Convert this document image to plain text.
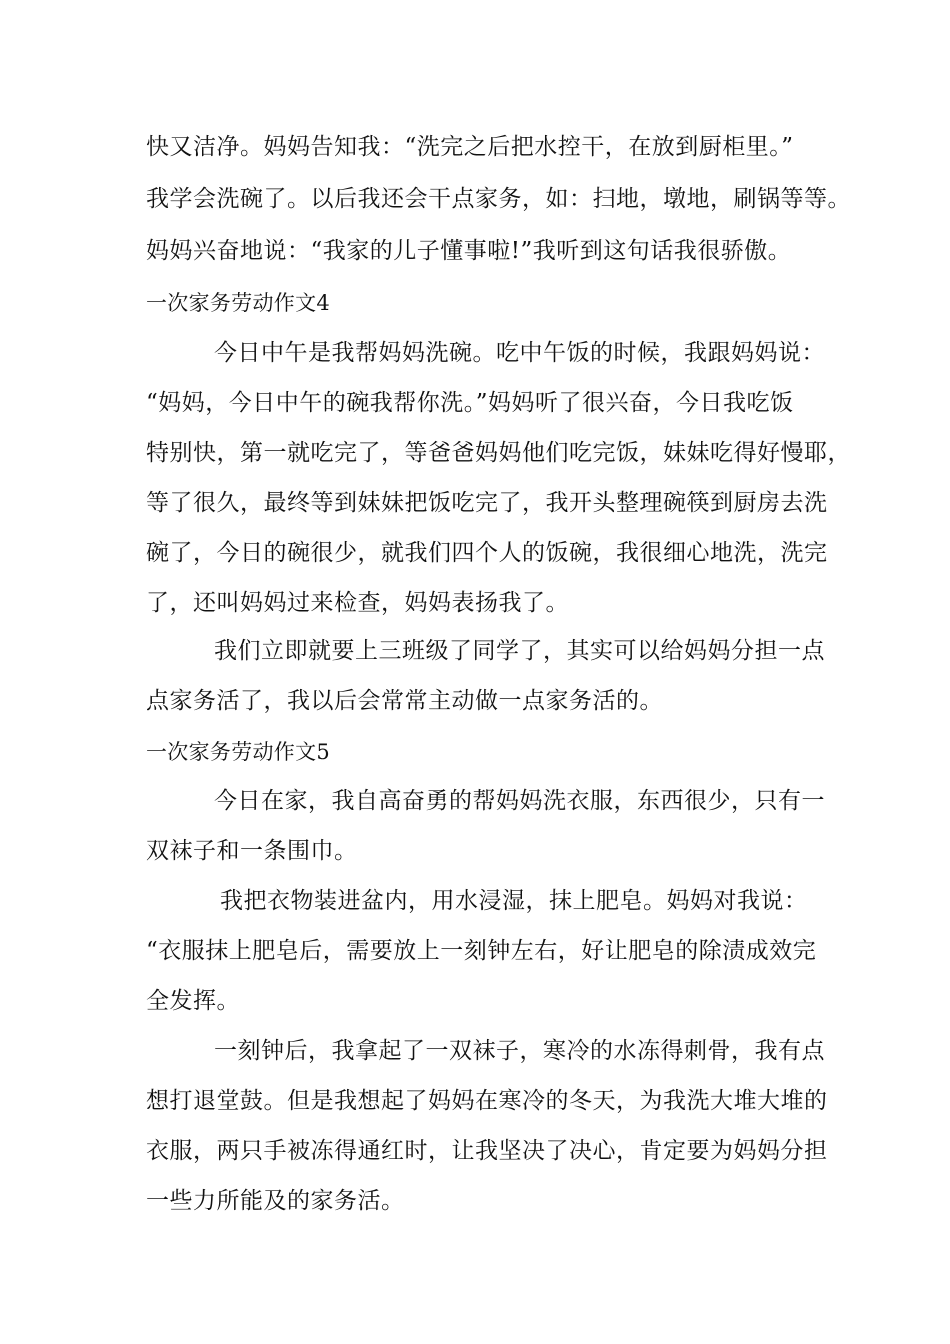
快又洁净。妈妈告知我：“洗完之后把水控干，在放到厨柜里。”
我学会洗碗了。以后我还会干点家务，如：扫地，墩地，刷锅等等。
妈妈兴奋地说：“我家的儿子懂事啦!”我听到这句话我很骄傲。
一次家务劳动作文4
今日中午是我帮妈妈洗碗。吃中午饭的时候，我跟妈妈说：
“妈妈，今日中午的碗我帮你洗。”妈妈听了很兴奋，今日我吃饭
特别快，第一就吃完了，等爸爸妈妈他们吃完饭，妹妹吃得好慢耶，
等了很久，最终等到妹妹把饭吃完了，我开头整理碗筷到厨房去洗
碗了，今日的碗很少，就我们四个人的饭碗，我很细心地洗，洗完
了，还叫妈妈过来检查，妈妈表扬我了。
我们立即就要上三班级了同学了，其实可以给妈妈分担一点
点家务活了，我以后会常常主动做一点家务活的。
一次家务劳动作文5
今日在家，我自高奋勇的帮妈妈洗衣服，东西很少，只有一
双袜子和一条围巾。
我把衣物装进盆内，用水浸湿，抹上肥皂。妈妈对我说：
“衣服抹上肥皂后，需要放上一刻钟左右，好让肥皂的除渍成效完
全发挥。
一刻钟后，我拿起了一双袜子，寒冷的水冻得刺骨，我有点
想打退堂鼓。但是我想起了妈妈在寒冷的冬天，为我洗大堆大堆的
衣服，两只手被冻得通红时，让我坚决了决心，肯定要为妈妈分担
一些力所能及的家务活。
